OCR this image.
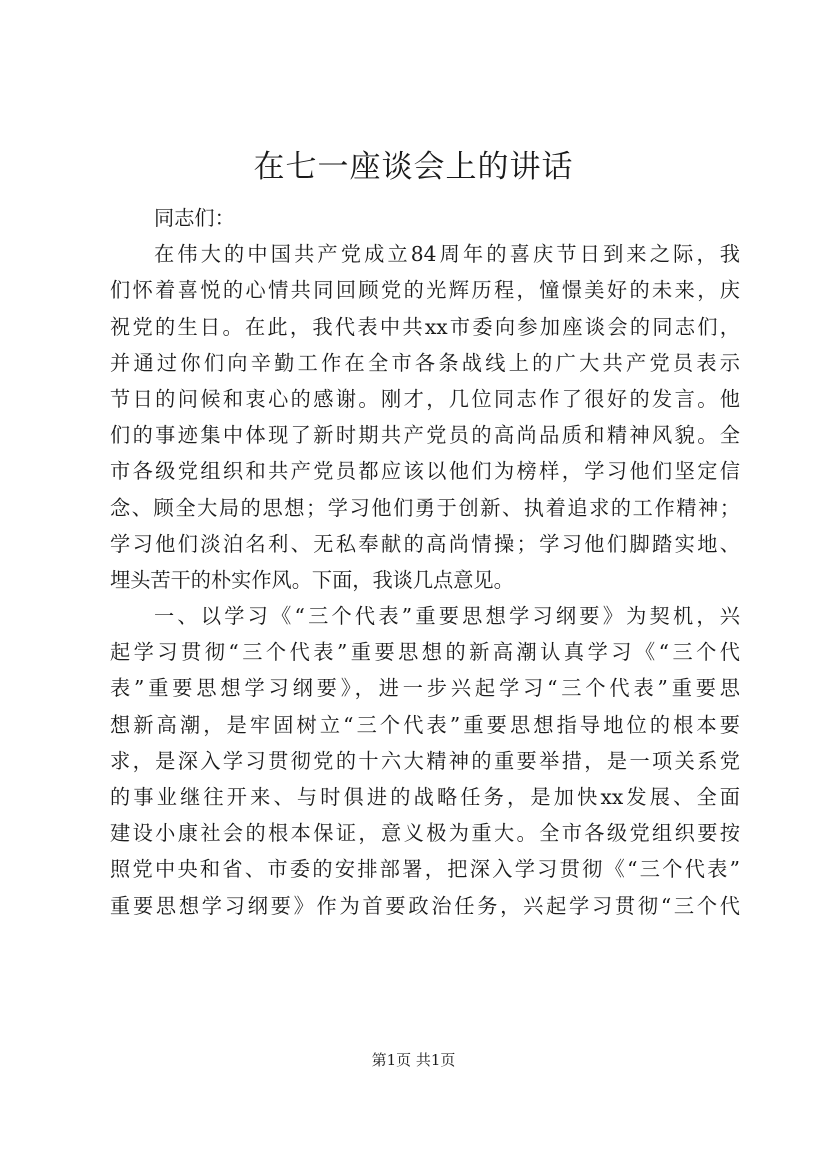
在七一座谈会上的讲话

同志们：

在伟大的中国共产党成立84周年的喜庆节日到来之际，我

们怀着喜悦的心情共同回顾党的光辉历程，憧憬美好的未来，庆

祝党的生日。在此，我代表中共xx市委向参加座谈会的同志们，

并通过你们向辛勤工作在全市各条战线上的广大共产党员表示

节日的问候和衷心的感谢。刚才，几位同志作了很好的发言。他

们的事迹集中体现了新时期共产党员的高尚品质和精神风貌。全

市各级党组织和共产党员都应该以他们为榜样，学习他们坚定信

念、顾全大局的思想；学习他们勇于创新、执着追求的工作精神；

学习他们淡泊名利、无私奉献的高尚情操；学习他们脚踏实地、

埋头苦干的朴实作风。下面，我谈几点意见。

一、以学习《“三个代表”重要思想学习纲要》为契机，兴

起学习贯彻“三个代表”重要思想的新高潮认真学习《“三个代

表”重要思想学习纲要》，进一步兴起学习“三个代表”重要思

想新高潮，是牢固树立“三个代表”重要思想指导地位的根本要

求，是深入学习贯彻党的十六大精神的重要举措，是一项关系党

的事业继往开来、与时俱进的战略任务，是加快xx发展、全面

建设小康社会的根本保证，意义极为重大。全市各级党组织要按

照党中央和省、市委的安排部署，把深入学习贯彻《“三个代表”

重要思想学习纲要》作为首要政治任务，兴起学习贯彻“三个代

第1页 共1页
